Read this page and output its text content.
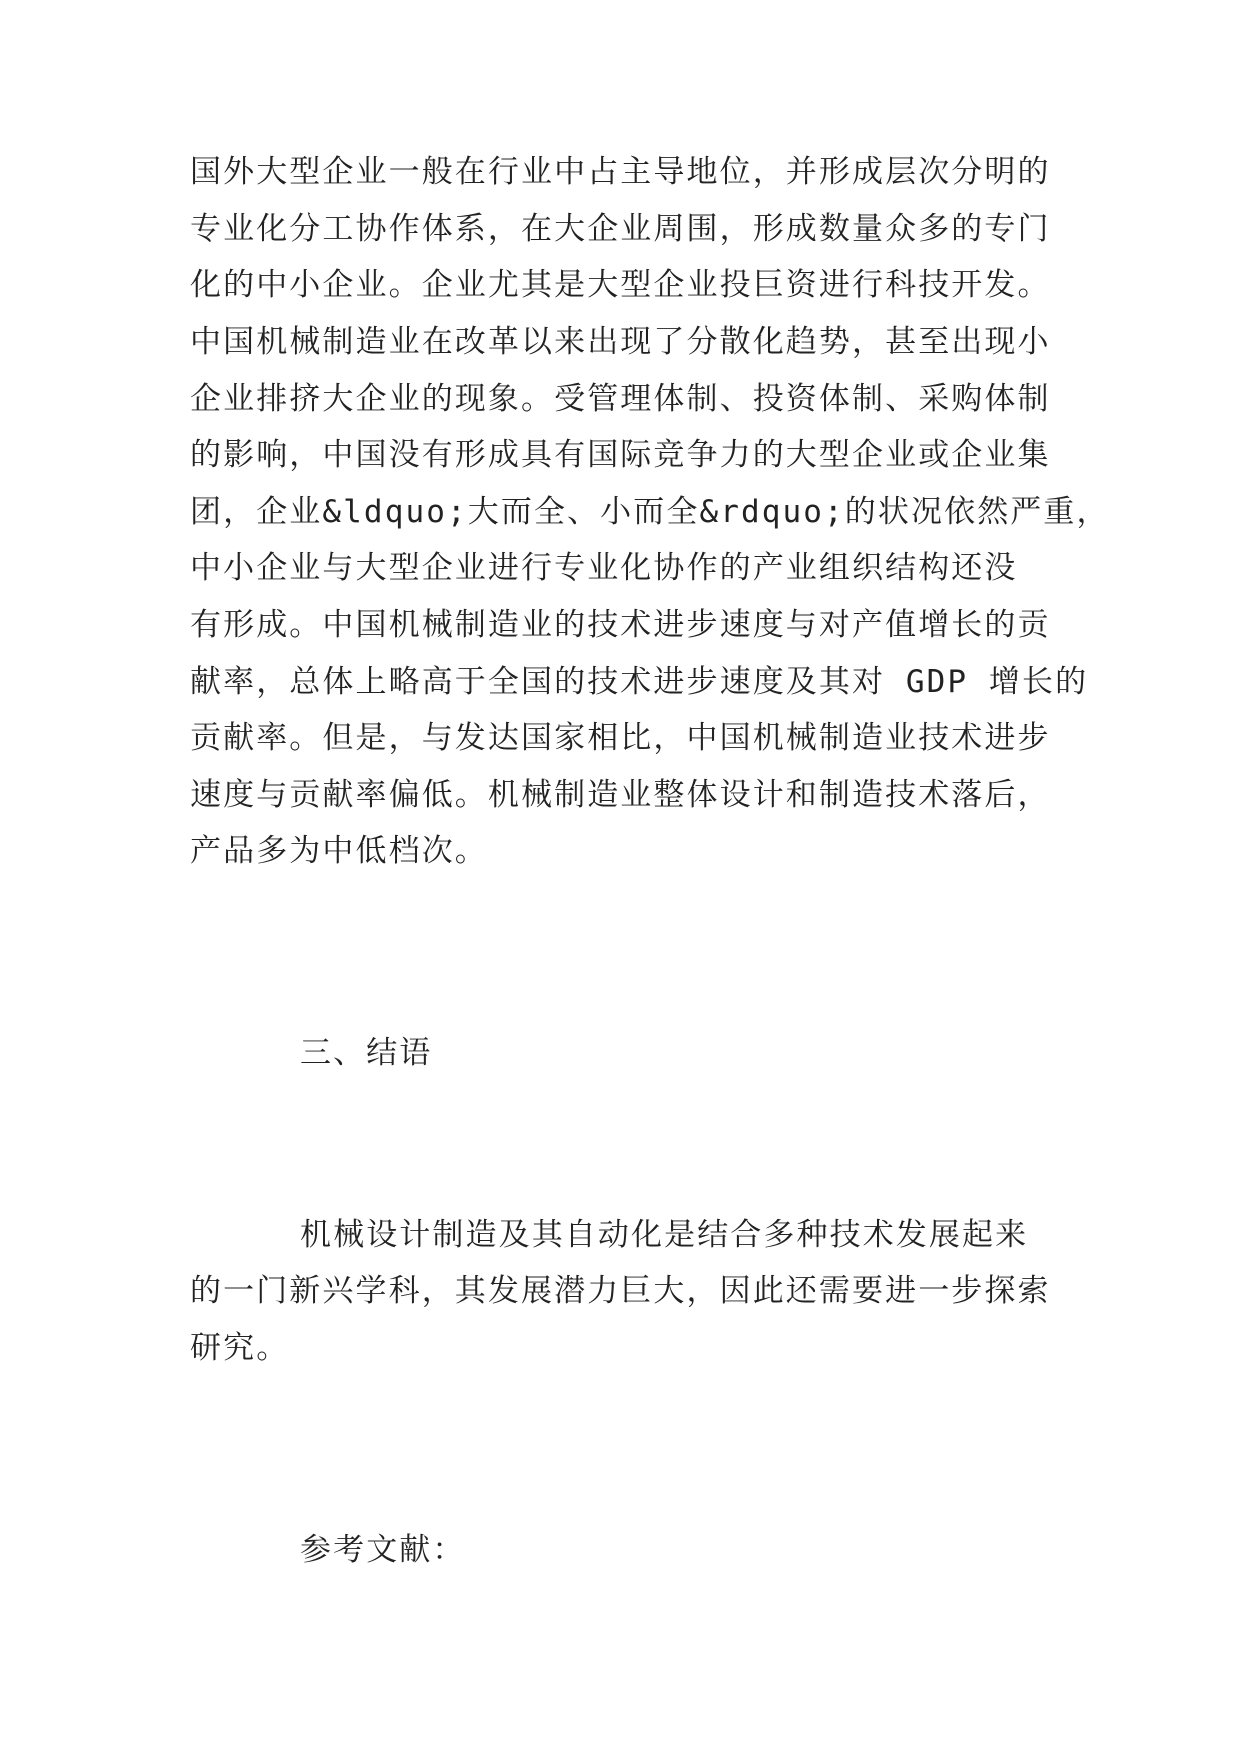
国外大型企业一般在行业中占主导地位，并形成层次分明的

专业化分工协作体系，在大企业周围，形成数量众多的专门

化的中小企业。企业尤其是大型企业投巨资进行科技开发。

中国机械制造业在改革以来出现了分散化趋势，甚至出现小

企业排挤大企业的现象。受管理体制、投资体制、采购体制

的影响，中国没有形成具有国际竞争力的大型企业或企业集

团，企业&ldquo;大而全、小而全&rdquo;的状况依然严重，

中小企业与大型企业进行专业化协作的产业组织结构还没

有形成。中国机械制造业的技术进步速度与对产值增长的贡

献率，总体上略高于全国的技术进步速度及其对 GDP 增长的

贡献率。但是，与发达国家相比，中国机械制造业技术进步

速度与贡献率偏低。机械制造业整体设计和制造技术落后，

产品多为中低档次。

三、结语

机械设计制造及其自动化是结合多种技术发展起来

的一门新兴学科，其发展潜力巨大，因此还需要进一步探索

研究。

参考文献：
